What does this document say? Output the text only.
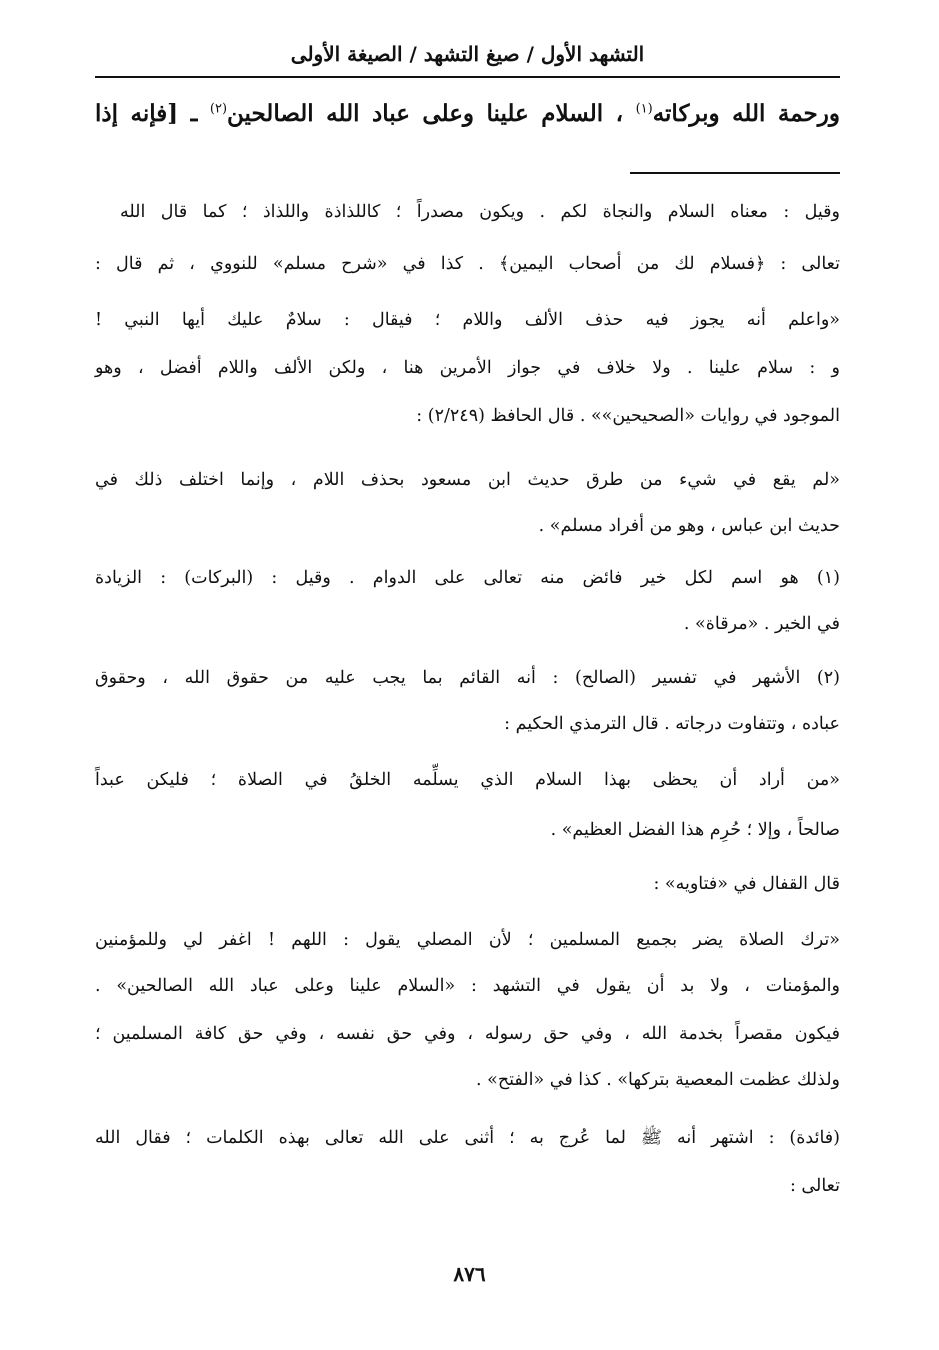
التشهد الأول / صيغ التشهد / الصيغة الأولى
ورحمة الله وبركاته$^{(١)}$ ، السلام علينا وعلى عباد الله الصالحين$^{(٢)}$ ـ [فإنه إذا
وقيل : معناه السلام والنجاة لكم . ويكون مصدراً ؛ كاللذاذة واللذاذ ؛ كما قال الله
تعالى : ﴿فسلام لك من أصحاب اليمين﴾ . كذا في «شرح مسلم» للنووي ، ثم قال :
«واعلم أنه يجوز فيه حذف الألف واللام ؛ فيقال : سلامٌ عليك أيها النبي !
و : سلام علينا . ولا خلاف في جواز الأمرين هنا ، ولكن الألف واللام أفضل ، وهو
الموجود في روايات «الصحيحين»» . قال الحافظ (٢/٢٤٩) :
«لم يقع في شيء من طرق حديث ابن مسعود بحذف اللام ، وإنما اختلف ذلك في
حديث ابن عباس ، وهو من أفراد مسلم» .
(١) هو اسم لكل خير فائض منه تعالى على الدوام . وقيل : (البركات) : الزيادة
في الخير . «مرقاة» .
(٢) الأشهر في تفسير (الصالح) : أنه القائم بما يجب عليه من حقوق الله ، وحقوق
عباده ، وتتفاوت درجاته . قال الترمذي الحكيم :
«من أراد أن يحظى بهذا السلام الذي يسلِّمه الخلقُ في الصلاة ؛ فليكن عبداً
صالحاً ، وإلا ؛ حُرِم هذا الفضل العظيم» .
قال القفال في «فتاويه» :
«ترك الصلاة يضر بجميع المسلمين ؛ لأن المصلي يقول : اللهم ! اغفر لي وللمؤمنين
والمؤمنات ، ولا بد أن يقول في التشهد : «السلام علينا وعلى عباد الله الصالحين» .
فيكون مقصراً بخدمة الله ، وفي حق رسوله ، وفي حق نفسه ، وفي حق كافة المسلمين ؛
ولذلك عظمت المعصية بتركها» . كذا في «الفتح» .
(فائدة) : اشتهر أنه ﷺ لما عُرج به ؛ أثنى على الله تعالى بهذه الكلمات ؛ فقال الله
تعالى :
٨٧٦
